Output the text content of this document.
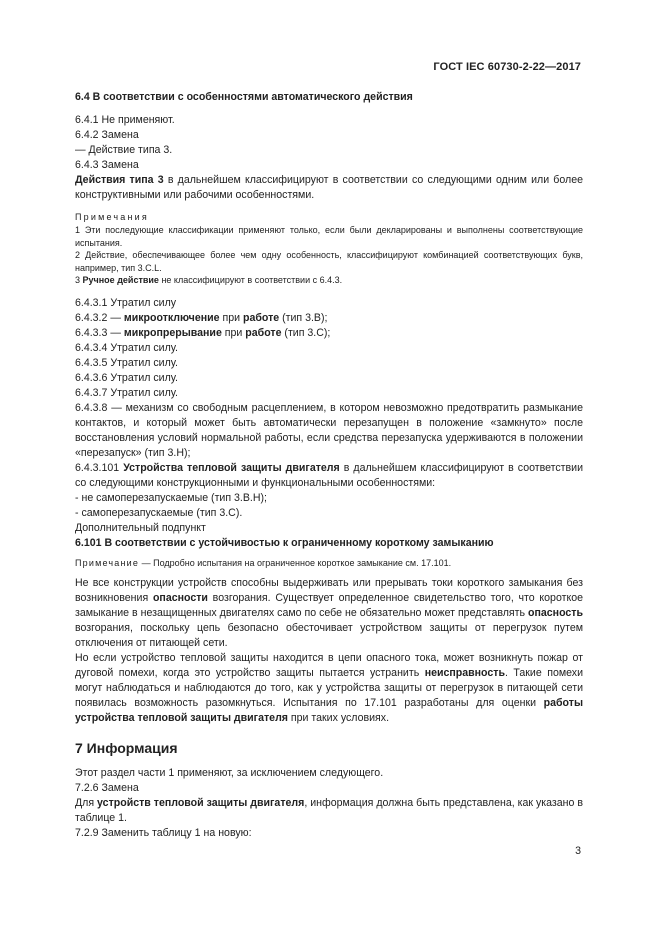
ГОСТ IEC 60730-2-22—2017

6.4 В соответствии с особенностями автоматического действия

6.4.1 Не применяют.

6.4.2 Замена

— Действие типа 3.

6.4.3 Замена

Действия типа 3 в дальнейшем классифицируют в соответствии со следующими одним или более конструктивными или рабочими особенностями.

Примечания

1 Эти последующие классификации применяют только, если были декларированы и выполнены соответствующие испытания.

2 Действие, обеспечивающее более чем одну особенность, классифицируют комбинацией соответствующих букв, например, тип 3.C.L.

3 Ручное действие не классифицируют в соответствии с 6.4.3.

6.4.3.1 Утратил силу

6.4.3.2 — микроотключение при работе (тип 3.B);

6.4.3.3 — микропрерывание при работе (тип 3.C);

6.4.3.4 Утратил силу.

6.4.3.5 Утратил силу.

6.4.3.6 Утратил силу.

6.4.3.7 Утратил силу.

6.4.3.8 — механизм со свободным расцеплением, в котором невозможно предотвратить размыкание контактов, и который может быть автоматически перезапущен в положение «замкнуто» после восстановления условий нормальной работы, если средства перезапуска удерживаются в положении «перезапуск» (тип 3.H);

6.4.3.101 Устройства тепловой защиты двигателя в дальнейшем классифицируют в соответствии со следующими конструкционными и функциональными особенностями:

- не самоперезапускаемые (тип 3.В.Н);

- самоперезапускаемые (тип 3.С).

Дополнительный подпункт

6.101 В соответствии с устойчивостью к ограниченному короткому замыканию

Примечание — Подробно испытания на ограниченное короткое замыкание см. 17.101.

Не все конструкции устройств способны выдерживать или прерывать токи короткого замыкания без возникновения опасности возгорания. Существует определенное свидетельство того, что короткое замыкание в незащищенных двигателях само по себе не обязательно может представлять опасность возгорания, поскольку цепь безопасно обесточивает устройством защиты от перегрузок путем отключения от питающей сети.

Но если устройство тепловой защиты находится в цепи опасного тока, может возникнуть пожар от дуговой помехи, когда это устройство защиты пытается устранить неисправность. Такие помехи могут наблюдаться и наблюдаются до того, как у устройства защиты от перегрузок в питающей сети появилась возможность разомкнуться. Испытания по 17.101 разработаны для оценки работы устройства тепловой защиты двигателя при таких условиях.

7 Информация

Этот раздел части 1 применяют, за исключением следующего.

7.2.6 Замена

Для устройств тепловой защиты двигателя, информация должна быть представлена, как указано в таблице 1.

7.2.9 Заменить таблицу 1 на новую:

3
